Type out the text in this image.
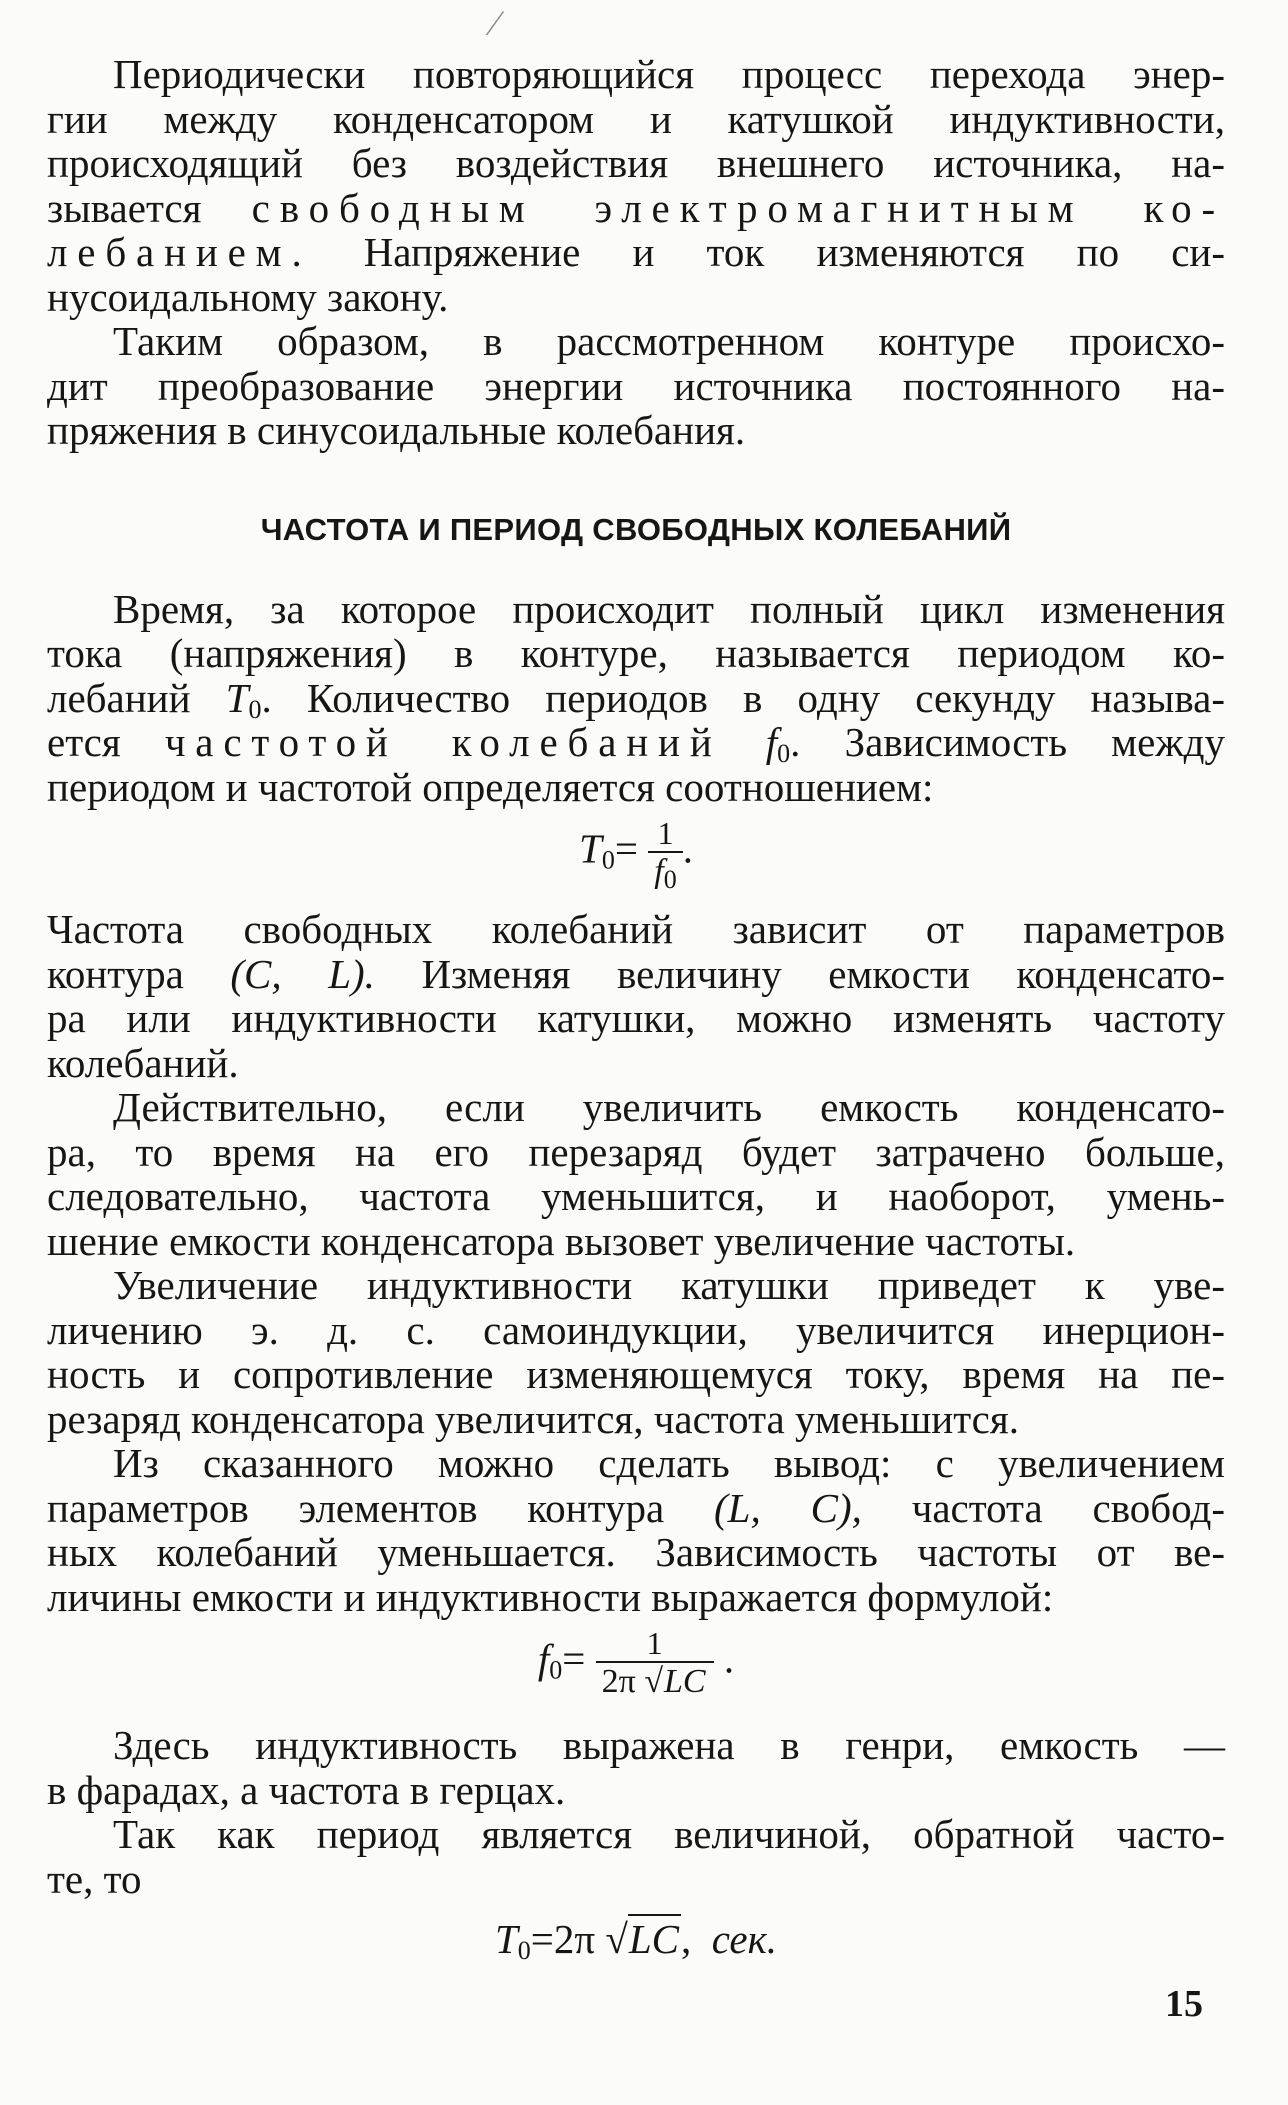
⁄

Периодически повторяющийся процесс перехода энер-

гии между конденсатором и катушкой индуктивности,

происходящий без воздействия внешнего источника, на-

зывается свободным электромагнитным ко-

лебанием. Напряжение и ток изменяются по си-

нусоидальному закону.

Таким образом, в рассмотренном контуре происхо-

дит преобразование энергии источника постоянного на-

пряжения в синусоидальные колебания.

ЧАСТОТА И ПЕРИОД СВОБОДНЫХ КОЛЕБАНИЙ

Время, за которое происходит полный цикл изменения

тока (напряжения) в контуре, называется периодом ко-

лебаний $T_0$. Количество периодов в одну секунду называ-

ется частотой колебаний $f_0$. Зависимость между

периодом и частотой определяется соотношением:

$T_0= \frac{1}{f_0}$ .

Частота свободных колебаний зависит от параметров

контура (C, L). Изменяя величину емкости конденсато-

ра или индуктивности катушки, можно изменять частоту

колебаний.

Действительно, если увеличить емкость конденсато-

ра, то время на его перезаряд будет затрачено больше,

следовательно, частота уменьшится, и наоборот, умень-

шение емкости конденсатора вызовет увеличение частоты.

Увеличение индуктивности катушки приведет к уве-

личению э. д. с. самоиндукции, увеличится инерцион-

ность и сопротивление изменяющемуся току, время на пе-

резаряд конденсатора увеличится, частота уменьшится.

Из сказанного можно сделать вывод: с увеличением

параметров элементов контура (L, C), частота свобод-

ных колебаний уменьшается. Зависимость частоты от ве-

личины емкости и индуктивности выражается формулой:

$f_0= \frac{1}{2\pi √LC}$ .

Здесь индуктивность выражена в генри, емкость —

в фарадах, а частота в герцах.

Так как период является величиной, обратной часто-

те, то

$T_0=2\pi$ √LC, сек.
15
